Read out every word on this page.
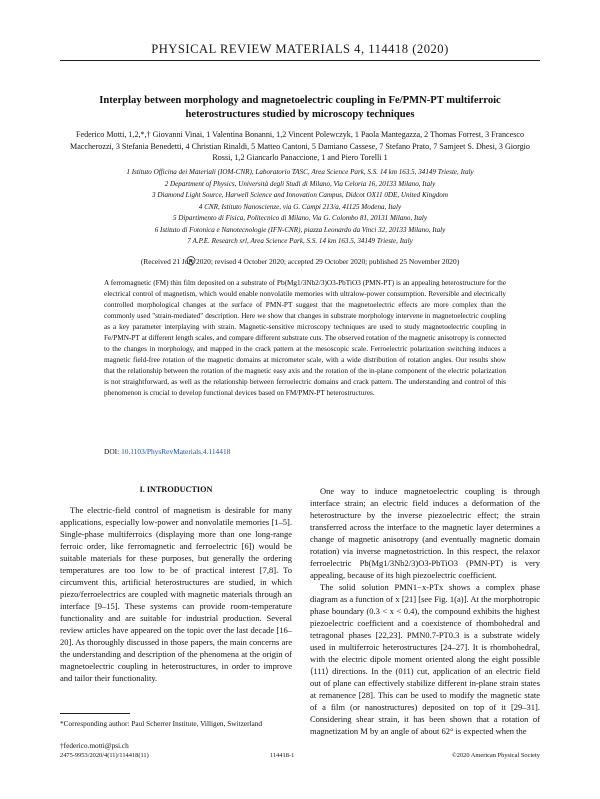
PHYSICAL REVIEW MATERIALS 4, 114418 (2020)
Interplay between morphology and magnetoelectric coupling in Fe/PMN-PT multiferroic heterostructures studied by microscopy techniques
Federico Motti, 1,2,*,† Giovanni Vinai, 1 Valentina Bonanni, 1,2 Vincent Polewczyk, 1 Paola Mantegazza, 2 Thomas Forrest, 3 Francesco Maccherozzi, 3 Stefania Benedetti, 4 Christian Rinaldi, 5 Matteo Cantoni, 5 Damiano Cassese, 7 Stefano Prato, 7 Samjeet S. Dhesi, 3 Giorgio Rossi, 1,2 Giancarlo Panaccione, 1 and Piero Torelli 1
1 Istituto Officina dei Materiali (IOM-CNR), Laboratorio TASC, Area Science Park, S.S. 14 km 163.5, 34149 Trieste, Italy
2 Department of Physics, Università degli Studi di Milano, Via Celoria 16, 20133 Milano, Italy
3 Diamond Light Source, Harwell Science and Innovation Campus, Didcot OX11 0DE, United Kingdom
4 CNR, Istituto Nanoscienze, via G. Campi 213/a, 41125 Modena, Italy
5 Dipartimento di Fisica, Politecnico di Milano, Via G. Colombo 81, 20131 Milano, Italy
6 Istituto di Fotonica e Nanotecnologie (IFN-CNR), piazza Leonardo da Vinci 32, 20133 Milano, Italy
7 A.P.E. Research srl, Area Science Park, S.S. 14 km 163.5, 34149 Trieste, Italy
(Received 21 July 2020; revised 4 October 2020; accepted 29 October 2020; published 25 November 2020)

A ferromagnetic (FM) thin film deposited on a substrate of Pb(Mg1/3Nb2/3)O3-PbTiO3 (PMN-PT) is an appealing heterostructure for the electrical control of magnetism, which would enable nonvolatile memories with ultralow-power consumption. Reversible and electrically controlled morphological changes at the surface of PMN-PT suggest that the magnetoelectric effects are more complex than the commonly used "strain-mediated" description. Here we show that changes in substrate morphology intervene in magnetoelectric coupling as a key parameter interplaying with strain. Magnetic-sensitive microscopy techniques are used to study magnetoelectric coupling in Fe/PMN-PT at different length scales, and compare different substrate cuts. The observed rotation of the magnetic anisotropy is connected to the changes in morphology, and mapped in the crack pattern at the mesoscopic scale. Ferroelectric polarization switching induces a magnetic field-free rotation of the magnetic domains at micrometer scale, with a wide distribution of rotation angles. Our results show that the relationship between the rotation of the magnetic easy axis and the rotation of the in-plane component of the electric polarization is not straightforward, as well as the relationship between ferroelectric domains and crack pattern. The understanding and control of this phenomenon is crucial to develop functional devices based on FM/PMN-PT heterostructures.

DOI: 10.1103/PhysRevMaterials.4.114418
I. INTRODUCTION

The electric-field control of magnetism is desirable for many applications, especially low-power and nonvolatile memories [1–5]. Single-phase multiferroics (displaying more than one long-range ferroic order, like ferromagnetic and ferroelectric [6]) would be suitable materials for these purposes, but generally the ordering temperatures are too low to be of practical interest [7,8]. To circumvent this, artificial heterostructures are studied, in which piezo/ferroelectrics are coupled with magnetic materials through an interface [9–15]. These systems can provide room-temperature functionality and are suitable for industrial production. Several review articles have appeared on the topic over the last decade [16–20]. As thoroughly discussed in those papers, the main concerns are the understanding and description of the phenomena at the origin of magnetoelectric coupling in heterostructures, in order to improve and tailor their functionality.

One way to induce magnetoelectric coupling is through interface strain; an electric field induces a deformation of the heterostructure by the inverse piezoelectric effect; the strain transferred across the interface to the magnetic layer determines a change of magnetic anisotropy (and eventually magnetic domain rotation) via inverse magnetostriction. In this respect, the relaxor ferroelectric Pb(Mg1/3Nb2/3)O3-PbTiO3 (PMN-PT) is very appealing, because of its high piezoelectric coefficient.

The solid solution PMN1−x-PTx shows a complex phase diagram as a function of x [21] [see Fig. 1(a)]. At the morphotropic phase boundary (0.3 < x < 0.4), the compound exhibits the highest piezoelectric coefficient and a coexistence of rhombohedral and tetragonal phases [22,23]. PMN0.7-PT0.3 is a substrate widely used in multiferroic heterostructures [24–27]. It is rhombohedral, with the electric dipole moment oriented along the eight possible ⟨111⟩ directions. In the (011) cut, application of an electric field out of plane can effectively stabilize different in-plane strain states at remanence [28]. This can be used to modify the magnetic state of a film (or nanostructures) deposited on top of it [29–31]. Considering shear strain, it has been shown that a rotation of magnetization M by an angle of about 62° is expected when the

*Corresponding author: Paul Scherrer Institute, Villigen, Switzerland
†federico.motti@psi.ch
2475-9953/2020/4(11)/114418(11)	114418-1	©2020 American Physical Society
